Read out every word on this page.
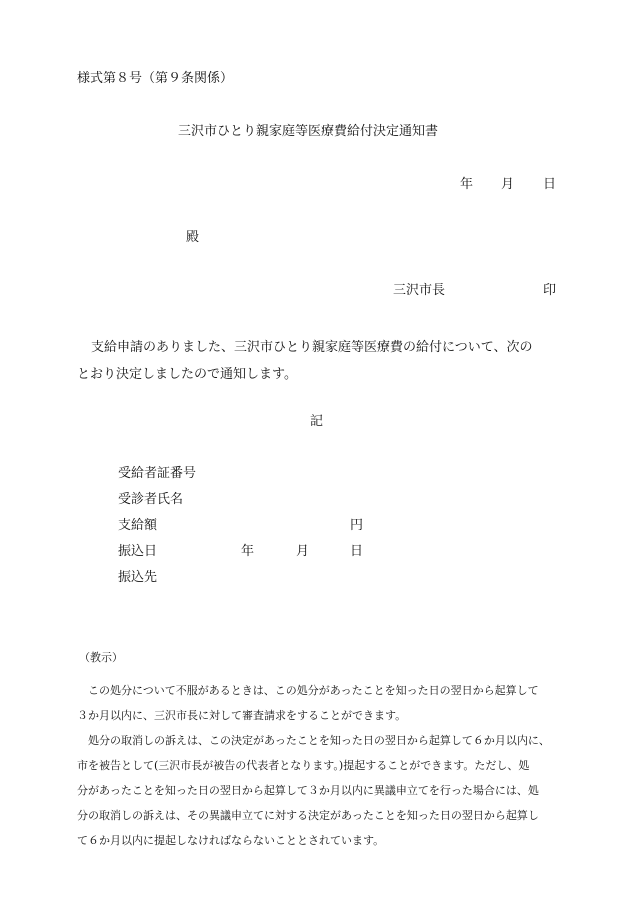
様式第８号（第９条関係）
三沢市ひとり親家庭等医療費給付決定通知書
年 月 日
殿
三沢市長	印
支給申請のありました、三沢市ひとり親家庭等医療費の給付について、次の
とおり決定しましたので通知します。
記
受給者証番号
受診者氏名
支給額	円
振込日	年	月	日
振込先
（教示）
この処分について不服があるときは、この処分があったことを知った日の翌日から起算して
３か月以内に、三沢市長に対して審査請求をすることができます。
処分の取消しの訴えは、この決定があったことを知った日の翌日から起算して６か月以内に、
市を被告として(三沢市長が被告の代表者となります。)提起することができます。ただし、処
分があったことを知った日の翌日から起算して３か月以内に異議申立てを行った場合には、処
分の取消しの訴えは、その異議申立てに対する決定があったことを知った日の翌日から起算し
て６か月以内に提起しなければならないこととされています。
